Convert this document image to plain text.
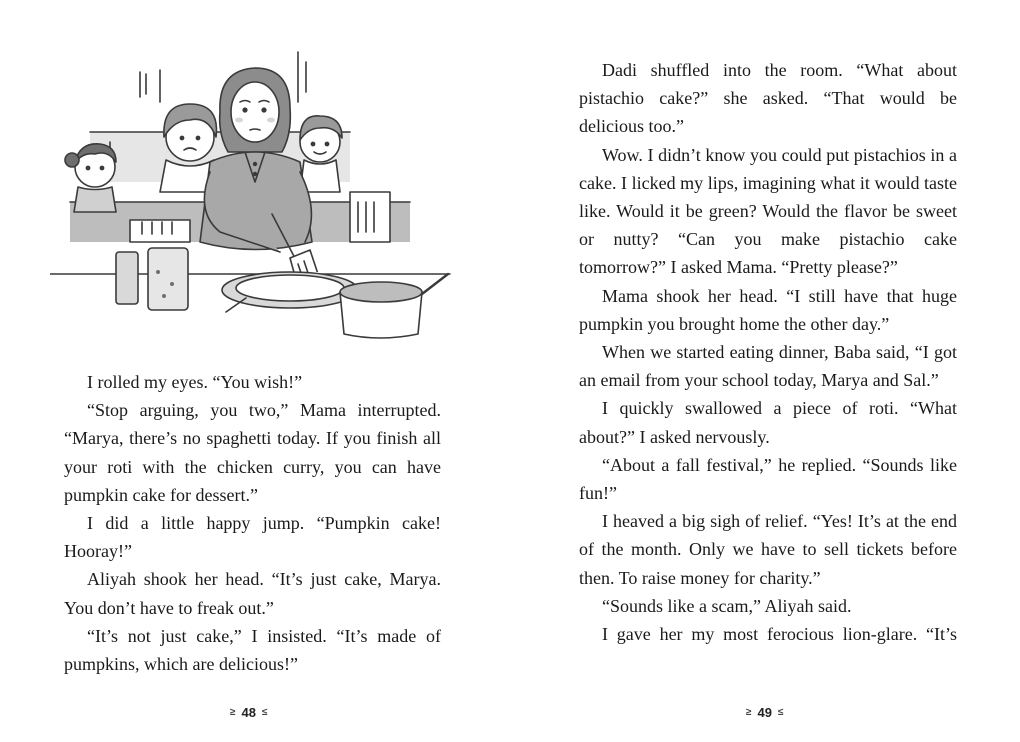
I rolled my eyes. “You wish!”

“Stop arguing, you two,” Mama interrupted. “Marya, there’s no spaghetti today. If you finish all your roti with the chicken curry, you can have pumpkin cake for dessert.”

I did a little happy jump. “Pumpkin cake! Hooray!”

Aliyah shook her head. “It’s just cake, Marya. You don’t have to freak out.”

“It’s not just cake,” I insisted. “It’s made of pumpkins, which are delicious!”

≥ 48 ≤

Dadi shuffled into the room. “What about pistachio cake?” she asked. “That would be delicious too.”

Wow. I didn’t know you could put pistachios in a cake. I licked my lips, imagining what it would taste like. Would it be green? Would the flavor be sweet or nutty? “Can you make pistachio cake tomorrow?” I asked Mama. “Pretty please?”

Mama shook her head. “I still have that huge pumpkin you brought home the other day.”

When we started eating dinner, Baba said, “I got an email from your school today, Marya and Sal.”

I quickly swallowed a piece of roti. “What about?” I asked nervously.

“About a fall festival,” he replied. “Sounds like fun!”

I heaved a big sigh of relief. “Yes! It’s at the end of the month. Only we have to sell tickets before then. To raise money for charity.”

“Sounds like a scam,” Aliyah said.

I gave her my most ferocious lion-glare. “It’s

≥ 49 ≤
